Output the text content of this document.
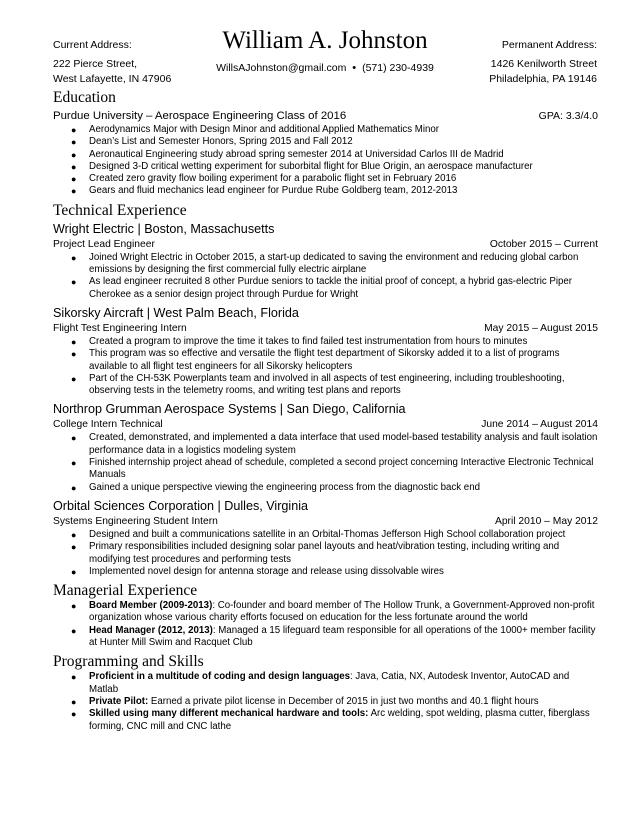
Current Address:
222 Pierce Street,
West Lafayette, IN 47906
William A. Johnston
WillsAJohnston@gmail.com • (571) 230-4939
Permanent Address:
1426 Kenilworth Street
Philadelphia, PA 19146
Education
Purdue University – Aerospace Engineering Class of 2016	GPA: 3.3/4.0
● Aerodynamics Major with Design Minor and additional Applied Mathematics Minor
● Dean’s List and Semester Honors, Spring 2015 and Fall 2012
● Aeronautical Engineering study abroad spring semester 2014 at Universidad Carlos III de Madrid
● Designed 3-D critical wetting experiment for suborbital flight for Blue Origin, an aerospace manufacturer
● Created zero gravity flow boiling experiment for a parabolic flight set in February 2016
● Gears and fluid mechanics lead engineer for Purdue Rube Goldberg team, 2012-2013
Technical Experience
Wright Electric | Boston, Massachusetts
Project Lead Engineer	October 2015 – Current
● Joined Wright Electric in October 2015, a start-up dedicated to saving the environment and reducing global carbon emissions by designing the first commercial fully electric airplane
● As lead engineer recruited 8 other Purdue seniors to tackle the initial proof of concept, a hybrid gas-electric Piper Cherokee as a senior design project through Purdue for Wright
Sikorsky Aircraft | West Palm Beach, Florida
Flight Test Engineering Intern	May 2015 – August 2015
● Created a program to improve the time it takes to find failed test instrumentation from hours to minutes
● This program was so effective and versatile the flight test department of Sikorsky added it to a list of programs available to all flight test engineers for all Sikorsky helicopters
● Part of the CH-53K Powerplants team and involved in all aspects of test engineering, including troubleshooting, observing tests in the telemetry rooms, and writing test plans and reports
Northrop Grumman Aerospace Systems | San Diego, California
College Intern Technical	June 2014 – August 2014
● Created, demonstrated, and implemented a data interface that used model-based testability analysis and fault isolation performance data in a logistics modeling system
● Finished internship project ahead of schedule, completed a second project concerning Interactive Electronic Technical Manuals
● Gained a unique perspective viewing the engineering process from the diagnostic back end
Orbital Sciences Corporation | Dulles, Virginia
Systems Engineering Student Intern	April 2010 – May 2012
● Designed and built a communications satellite in an Orbital-Thomas Jefferson High School collaboration project
● Primary responsibilities included designing solar panel layouts and heat/vibration testing, including writing and modifying test procedures and performing tests
● Implemented novel design for antenna storage and release using dissolvable wires
Managerial Experience
● Board Member (2009-2013): Co-founder and board member of The Hollow Trunk, a Government-Approved non-profit organization whose various charity efforts focused on education for the less fortunate around the world
● Head Manager (2012, 2013): Managed a 15 lifeguard team responsible for all operations of the 1000+ member facility at Hunter Mill Swim and Racquet Club
Programming and Skills
● Proficient in a multitude of coding and design languages: Java, Catia, NX, Autodesk Inventor, AutoCAD and Matlab
● Private Pilot: Earned a private pilot license in December of 2015 in just two months and 40.1 flight hours
● Skilled using many different mechanical hardware and tools: Arc welding, spot welding, plasma cutter, fiberglass forming, CNC mill and CNC lathe
